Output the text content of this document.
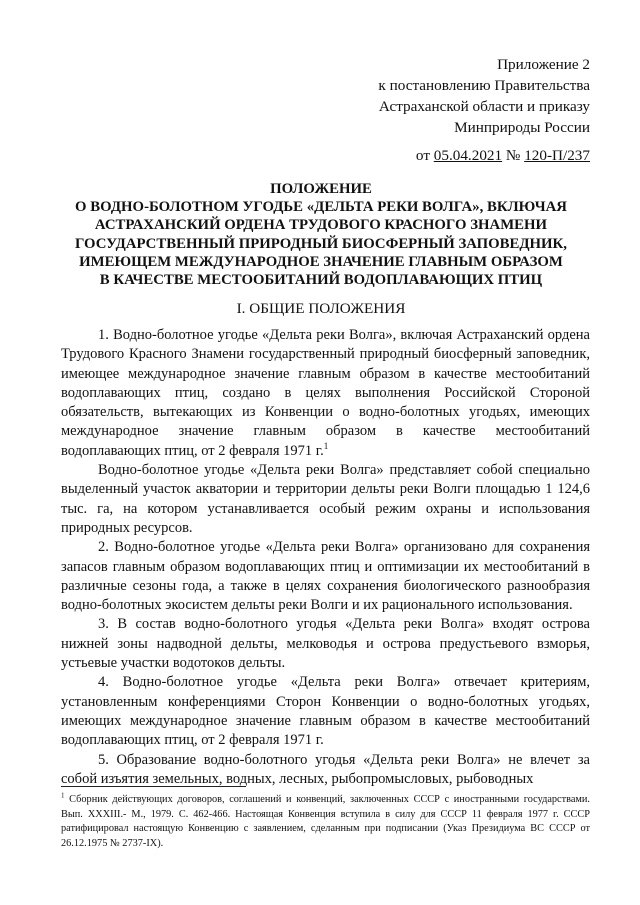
Приложение 2
к постановлению Правительства
Астраханской области и приказу
Минприроды России
от 05.04.2021 № 120-П/237
ПОЛОЖЕНИЕ
О ВОДНО-БОЛОТНОМ УГОДЬЕ «ДЕЛЬТА РЕКИ ВОЛГА», ВКЛЮЧАЯ
АСТРАХАНСКИЙ ОРДЕНА ТРУДОВОГО КРАСНОГО ЗНАМЕНИ
ГОСУДАРСТВЕННЫЙ ПРИРОДНЫЙ БИОСФЕРНЫЙ ЗАПОВЕДНИК,
ИМЕЮЩЕМ МЕЖДУНАРОДНОЕ ЗНАЧЕНИЕ ГЛАВНЫМ ОБРАЗОМ
В КАЧЕСТВЕ МЕСТООБИТАНИЙ ВОДОПЛАВАЮЩИХ ПТИЦ
I. ОБЩИЕ ПОЛОЖЕНИЯ

1. Водно-болотное угодье «Дельта реки Волга», включая Астраханский ордена Трудового Красного Знамени государственный природный биосферный заповедник, имеющее международное значение главным образом в качестве местообитаний водоплавающих птиц, создано в целях выполнения Российской Стороной обязательств, вытекающих из Конвенции о водно-болотных угодьях, имеющих международное значение главным образом в качестве местообитаний водоплавающих птиц, от 2 февраля 1971 г.$^1$

Водно-болотное угодье «Дельта реки Волга» представляет собой специально выделенный участок акватории и территории дельты реки Волги площадью 1 124,6 тыс. га, на котором устанавливается особый режим охраны и использования природных ресурсов.

2. Водно-болотное угодье «Дельта реки Волга» организовано для сохранения запасов главным образом водоплавающих птиц и оптимизации их местообитаний в различные сезоны года, а также в целях сохранения биологического разнообразия водно-болотных экосистем дельты реки Волги и их рационального использования.

3. В состав водно-болотного угодья «Дельта реки Волга» входят острова нижней зоны надводной дельты, мелководья и острова предустьевого взморья, устьевые участки водотоков дельты.

4. Водно-болотное угодье «Дельта реки Волга» отвечает критериям, установленным конференциями Сторон Конвенции о водно-болотных угодьях, имеющих международное значение главным образом в качестве местообитаний водоплавающих птиц, от 2 февраля 1971 г.

5. Образование водно-болотного угодья «Дельта реки Волга» не влечет за собой изъятия земельных, водных, лесных, рыбопромысловых, рыбоводных

$^1$ Сборник действующих договоров, соглашений и конвенций, заключенных СССР с иностранными государствами. Вып. XXXIII.- М., 1979. С. 462-466. Настоящая Конвенция вступила в силу для СССР 11 февраля 1977 г. СССР ратифицировал настоящую Конвенцию с заявлением, сделанным при подписании (Указ Президиума ВС СССР от 26.12.1975 № 2737-IX).
